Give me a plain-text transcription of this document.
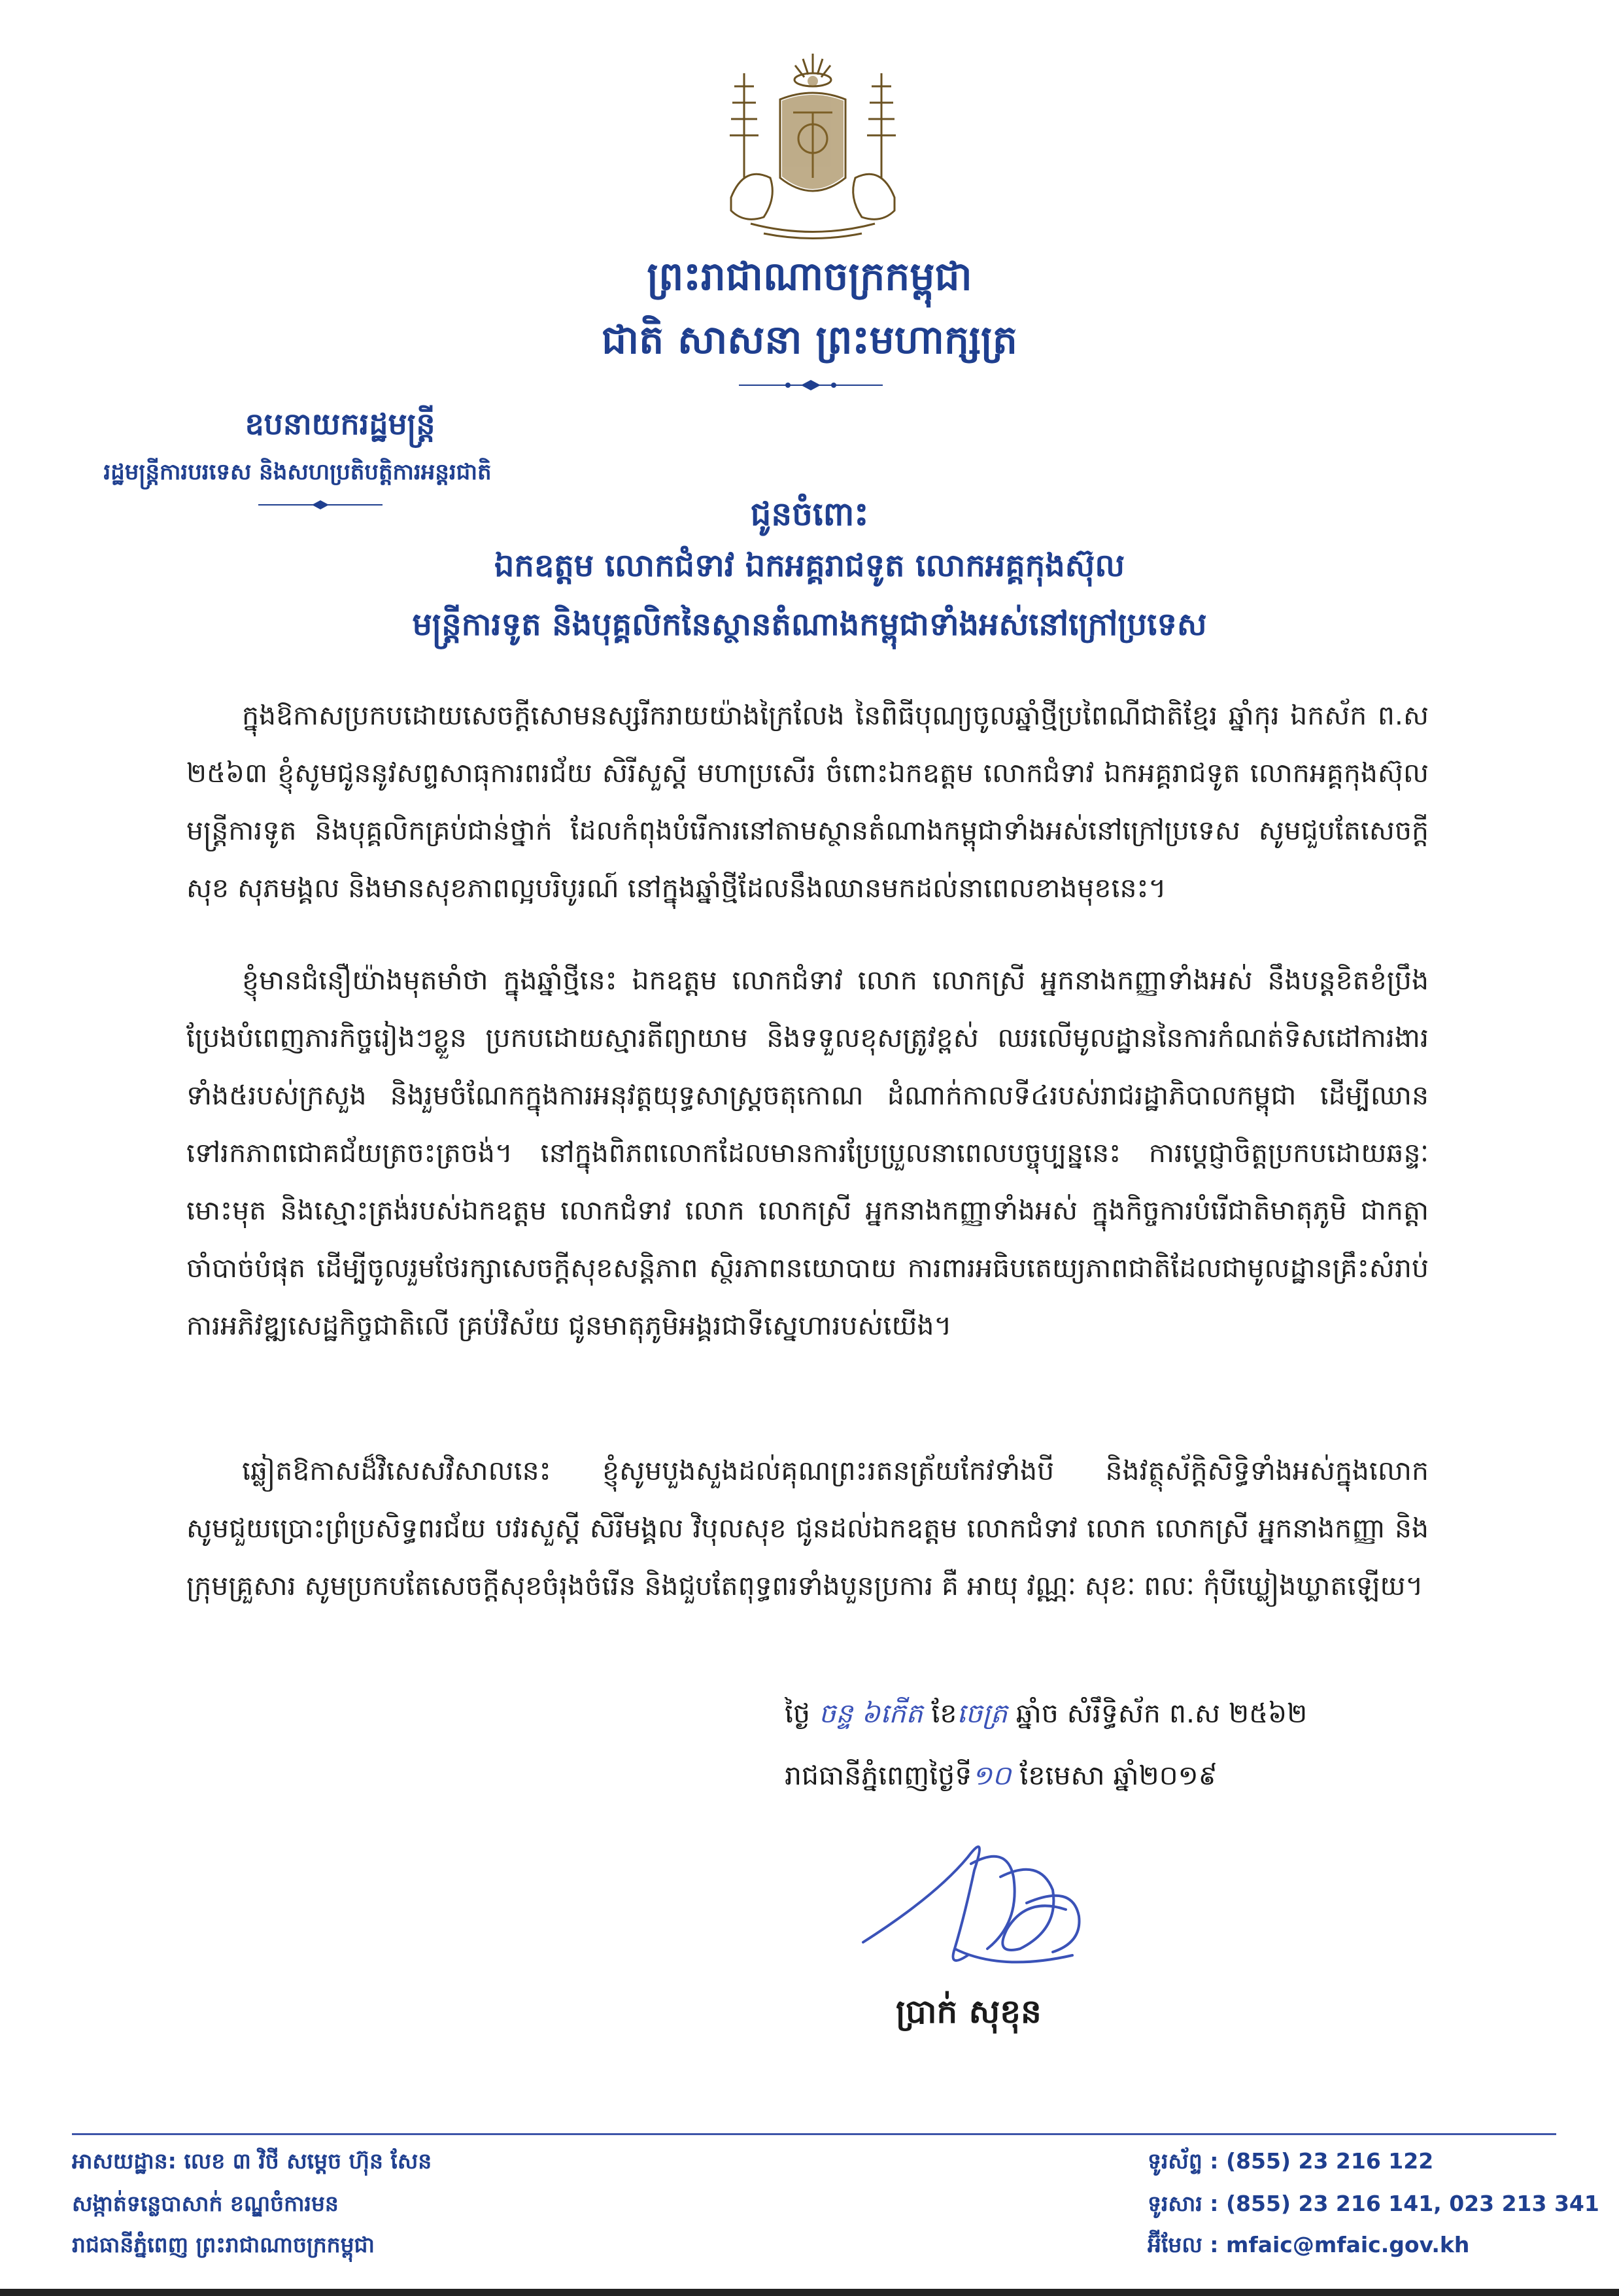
ព្រះរាជាណាចក្រកម្ពុជា
ជាតិ សាសនា ព្រះមហាក្សត្រ
ឧបនាយករដ្ឋមន្ត្រី
រដ្ឋមន្ត្រីការបរទេស និងសហប្រតិបត្តិការអន្តរជាតិ
ជូនចំពោះ
ឯកឧត្តម លោកជំទាវ ឯកអគ្គរាជទូត លោកអគ្គកុងស៊ុល
មន្ត្រីការទូត និងបុគ្គលិកនៃស្ថានតំណាងកម្ពុជាទាំងអស់នៅក្រៅប្រទេស

ក្នុងឱកាសប្រកបដោយសេចក្ដីសោមនស្សរីករាយយ៉ាងក្រៃលែង នៃពិធីបុណ្យចូលឆ្នាំថ្មីប្រពៃណីជាតិខ្មែរ ឆ្នាំកុរ ឯកស័ក ព.ស ២៥៦៣ ខ្ញុំសូមជូននូវសព្ទសាធុការពរជ័យ សិរីសួស្តី មហាប្រសើរ ចំពោះឯកឧត្តម លោកជំទាវ ឯកអគ្គរាជទូត លោកអគ្គកុងស៊ុល មន្ត្រីការទូត និងបុគ្គលិកគ្រប់ជាន់ថ្នាក់ ដែលកំពុងបំរើការនៅតាមស្ថានតំណាងកម្ពុជាទាំងអស់នៅក្រៅប្រទេស សូមជួបតែសេចក្ដីសុខ សុភមង្គល និងមានសុខភាពល្អបរិបូរណ៍ នៅក្នុងឆ្នាំថ្មីដែលនឹងឈានមកដល់នាពេលខាងមុខនេះ។

ខ្ញុំមានជំនឿយ៉ាងមុតមាំថា ក្នុងឆ្នាំថ្មីនេះ ឯកឧត្តម លោកជំទាវ លោក លោកស្រី អ្នកនាងកញ្ញាទាំងអស់ នឹងបន្តខិតខំប្រឹងប្រែងបំពេញភារកិច្ចរៀងៗខ្លួន ប្រកបដោយស្មារតីព្យាយាម និងទទួលខុសត្រូវខ្ពស់ ឈរលើមូលដ្ឋាននៃការកំណត់ទិសដៅការងារទាំង៥របស់ក្រសួង និងរួមចំណែកក្នុងការអនុវត្តយុទ្ធសាស្ត្រចតុកោណ ដំណាក់កាលទី៤របស់រាជរដ្ឋាភិបាលកម្ពុជា ដើម្បីឈានទៅរកភាពជោគជ័យត្រចះត្រចង់។ នៅក្នុងពិភពលោកដែលមានការប្រែប្រួលនាពេលបច្ចុប្បន្ននេះ ការប្ដេជ្ញាចិត្តប្រកបដោយឆន្ទៈមោះមុត និងស្មោះត្រង់របស់ឯកឧត្តម លោកជំទាវ លោក លោកស្រី អ្នកនាងកញ្ញាទាំងអស់ ក្នុងកិច្ចការបំរើជាតិមាតុភូមិ ជាកត្តាចាំបាច់បំផុត ដើម្បីចូលរួមថែរក្សាសេចក្ដីសុខសន្តិភាព ស្ថិរភាពនយោបាយ ការពារអធិបតេយ្យភាពជាតិដែលជាមូលដ្ឋានគ្រឹះសំរាប់ការអភិវឌ្ឍសេដ្ឋកិច្ចជាតិលើ គ្រប់វិស័យ ជូនមាតុភូមិអង្គរជាទីស្នេហារបស់យើង។

ឆ្លៀតឱកាសដ៏វិសេសវិសាលនេះ ខ្ញុំសូមបួងសួងដល់គុណព្រះរតនត្រ័យកែវទាំងបី និងវត្ថុស័ក្តិសិទ្ធិទាំងអស់ក្នុងលោក សូមជួយប្រោះព្រំប្រសិទ្ធពរជ័យ បវរសួស្តី សិរីមង្គល វិបុលសុខ ជូនដល់ឯកឧត្តម លោកជំទាវ លោក លោកស្រី អ្នកនាងកញ្ញា និងក្រុមគ្រួសារ សូមប្រកបតែសេចក្ដីសុខចំរុងចំរើន និងជួបតែពុទ្ធពរទាំងបួនប្រការ គឺ អាយុ វណ្ណៈ សុខៈ ពលៈ កុំបីឃ្លៀងឃ្លាតឡើយ។

ថ្ងៃ ចន្ទ ៦កើត ខែចេត្រ ឆ្នាំច សំរឹទ្ធិស័ក ព.ស ២៥៦២
រាជធានីភ្នំពេញថ្ងៃទី១០ ខែមេសា ឆ្នាំ២០១៩
ប្រាក់ សុខុន
អាសយដ្ឋាន: លេខ ៣ វិថី សម្ដេច ហ៊ុន សែន
សង្កាត់ទន្លេបាសាក់ ខណ្ឌចំការមន
រាជធានីភ្នំពេញ ព្រះរាជាណាចក្រកម្ពុជា
ទូរស័ព្ទ : (855) 23 216 122
ទូរសារ : (855) 23 216 141, 023 213 341
អ៊ីមែល : mfaic@mfaic.gov.kh
